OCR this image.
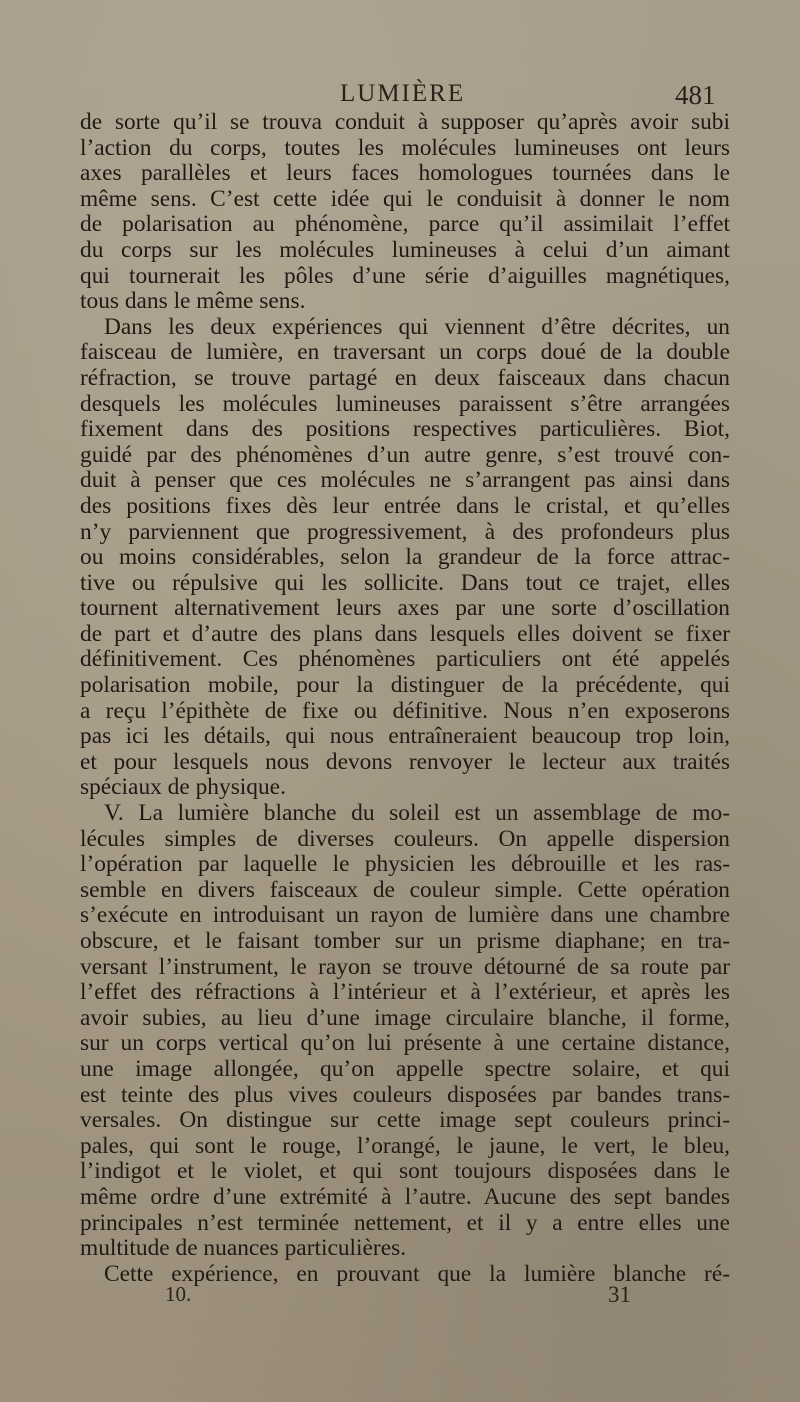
LUMIÈRE	481
de sorte qu’il se trouva conduit à supposer qu’après avoir subi
l’action du corps, toutes les molécules lumineuses ont leurs
axes parallèles et leurs faces homologues tournées dans le
même sens. C’est cette idée qui le conduisit à donner le nom
de polarisation au phénomène, parce qu’il assimilait l’effet
du corps sur les molécules lumineuses à celui d’un aimant
qui tournerait les pôles d’une série d’aiguilles magnétiques,
tous dans le même sens.
Dans les deux expériences qui viennent d’être décrites, un
faisceau de lumière, en traversant un corps doué de la double
réfraction, se trouve partagé en deux faisceaux dans chacun
desquels les molécules lumineuses paraissent s’être arrangées
fixement dans des positions respectives particulières. Biot,
guidé par des phénomènes d’un autre genre, s’est trouvé con-
duit à penser que ces molécules ne s’arrangent pas ainsi dans
des positions fixes dès leur entrée dans le cristal, et qu’elles
n’y parviennent que progressivement, à des profondeurs plus
ou moins considérables, selon la grandeur de la force attrac-
tive ou répulsive qui les sollicite. Dans tout ce trajet, elles
tournent alternativement leurs axes par une sorte d’oscillation
de part et d’autre des plans dans lesquels elles doivent se fixer
définitivement. Ces phénomènes particuliers ont été appelés
polarisation mobile, pour la distinguer de la précédente, qui
a reçu l’épithète de fixe ou définitive. Nous n’en exposerons
pas ici les détails, qui nous entraîneraient beaucoup trop loin,
et pour lesquels nous devons renvoyer le lecteur aux traités
spéciaux de physique.
V. La lumière blanche du soleil est un assemblage de mo-
lécules simples de diverses couleurs. On appelle dispersion
l’opération par laquelle le physicien les débrouille et les ras-
semble en divers faisceaux de couleur simple. Cette opération
s’exécute en introduisant un rayon de lumière dans une chambre
obscure, et le faisant tomber sur un prisme diaphane; en tra-
versant l’instrument, le rayon se trouve détourné de sa route par
l’effet des réfractions à l’intérieur et à l’extérieur, et après les
avoir subies, au lieu d’une image circulaire blanche, il forme,
sur un corps vertical qu’on lui présente à une certaine distance,
une image allongée, qu’on appelle spectre solaire, et qui
est teinte des plus vives couleurs disposées par bandes trans-
versales. On distingue sur cette image sept couleurs princi-
pales, qui sont le rouge, l’orangé, le jaune, le vert, le bleu,
l’indigot et le violet, et qui sont toujours disposées dans le
même ordre d’une extrémité à l’autre. Aucune des sept bandes
principales n’est terminée nettement, et il y a entre elles une
multitude de nuances particulières.
Cette expérience, en prouvant que la lumière blanche ré-
10.	31
